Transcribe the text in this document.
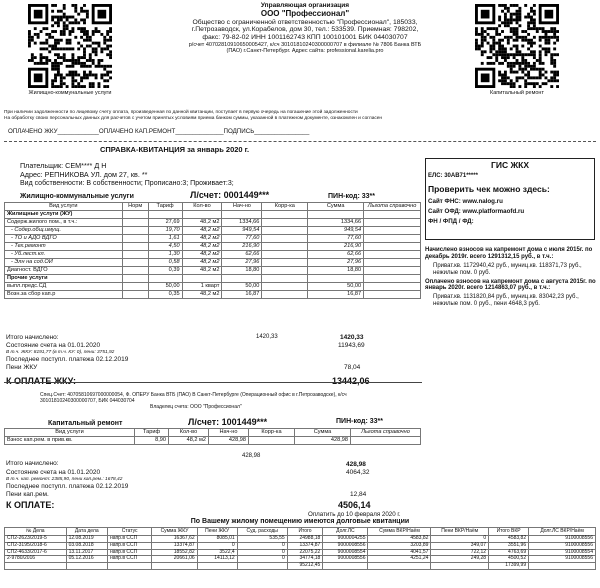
Жилищно-коммунальные услуги	Капитальный ремонт
Управляющая организация
ООО "Профессионал"
Общество с ограниченной ответственностью "Профессионал", 185033,
г.Петрозаводск, ул.Корабелов, дом 30, тел.: 533539. Приемная: 798202,
факс: 79-82-02 ИНН 1001162743 КПП 100101001 БИК 044030707
р/счет 40702810910650005427, к/сч 30101810240300000707 в филиале № 7806 Банка ВТБ
(ПАО) г.Санкт-Петербург. Адрес сайта: professional.karelia.pro
При наличии задолженности по лицевому счету оплата, произведенная по данной квитанции, поступает в первую очередь на погашение этой задолженности
На обработку своих персональных данных для расчетов с учетом принятых условиям приема банком суммы, указанной в платежном документе, ознакомлен и согласен
ОПЛАЧЕНО ЖКУ____________ОПЛАЧЕНО КАП.РЕМОНТ______________ПОДПИСЬ________________
СПРАВКА-КВИТАНЦИЯ за январь 2020 г.
Плательщик: СЕМ**** Д Н
Адрес: РЕПНИКОВА УЛ. дом 27, кв. **
Вид собственности: В собственности; Прописано:3; Проживает:3;
ГИС ЖКХ
ЕЛС: 30АВ71*****
Проверить чек можно здесь:
Сайт ФНС: www.nalog.ru
Сайт ОФД: www.platformaofd.ru
ФН / ФПД / ФД:
Жилищно-коммунальные услуги	Л/счет: 0001449***	ПИН-код: 33**
Вид услуги	Норм	Тариф	Кол-во	Нач-но	Корр-ка	Сумма	Льгота справочно
Жилищные услуги (ЖУ)							
Содерж.жилого пом., в т.ч.:		27,69	48,2 м2	1334,66		1334,66	
- Содер.общ.имущ.		19,70	48,2 м2	949,54		949,54	
- ТО и АДО ВДГО		1,61	48,2 м2	77,60		77,60	
- Тех.ремонт		4,50	48,2 м2	216,90		216,90	
- Уб.лест.кл.		1,30	48,2 м2	62,66		62,66	
- Элн на сод.ОИ		0,58	48,2 м2	27,96		27,96	
Диагност. ВДГО		0,39	48,2 м2	18,80		18,80	
Прочие услуги							
выпл.предс.СД		50,00	1 кварт	50,00		50,00	
Возн.за сбор кап.р		0,35	48,2 м2	16,87		16,87	
Итого начислено:	1420,33	1420,33
Состояние счета на 01.01.2020	11943,69
В т.ч. ЖКУ: 8191,77 (в т.ч. КУ: 0), пени: 3751,92
Последнее поступл. платежа 02.12.2019
78,04
Пени ЖКУ
К ОПЛАТЕ ЖКУ:	13442,06
Начислено взносов на капремонт дома с июля 2015г. по декабрь 2019г. всего 1291312,15 руб., в т.ч.:
Приват.кв. 1172940,42 руб., муниц.кв. 118371,73 руб., нежилые пом. 0 руб.
Оплачено взносов на капремонт дома с августа 2015г. по январь 2020г. всего 1214863,07 руб., в т.ч.:
Приват.кв. 1131820,84 руб., муниц.кв. 83042,23 руб., нежилые пом. 0 руб., пени 4648,3 руб.
Спец.Счет: 40705810697000000054, Ф. ОПЕРУ Банка ВТБ (ПАО) В Санкт-Петербурге (Операционный офис в г.Петрозаводске), к/сч
30101810240300000707, БИК 044030704
Владелец счета: ООО "Профессионал"
Капитальный ремонт	Л/счет: 1001449***	ПИН-код: 33**
Вид услуги	Тариф	Кол-во	Нач-но	Корр-ка	Сумма	Льгота справочно
Взнос кап.рем. в прив.кв.	8,90	48,2 м2	428,98		428,98	
Итого начислено:
428,98
428,98
Состояние счета на 01.01.2020	4064,32
В т.ч. кап. ремонт: 2385,90, пени кап.рем.: 1678,42
Последнее поступл. платежа 02.12.2019
12,84
Пени кап.рем.
К ОПЛАТЕ:	4506,14
Оплатить до 10 февраля 2020 г.
По Вашему жилому помещению имеются долговые квитанции
№ Дела	Дата дела	Статус	Сумма ЖКУ	Пени ЖКУ	Суд. расходы	Итого	Долг.ЛС	Сумма ВКР/Наём	Пени ВКР/Наём	Итого ВКР	Долг.ЛС ВКР/Наём
СП2-2623/2019-5	12.08.2019	напр.в ССП	16367,62	8085,01	535,55	24988,18	9000004255	4583,82	0	4583,82	9100008556
СП2-3195/2018-6	03.08.2018	напр.в ССП	13374,87	0	0	13374,87	9000008556	3203,89	349,07	3551,96	9100008556
СП2-4633/2017-6	13.11.2017	напр.в ССП	18552,82	3522,4	0	22075,22	9000008554	4041,57	722,12	4763,69	9100008554
2-9780/2016	05.12.2016	напр.в ССП	20661,06	14113,12	0	34774,18	9000008556	4251,24	249,28	4500,52	9100008556
						95212,45				17399,99	
